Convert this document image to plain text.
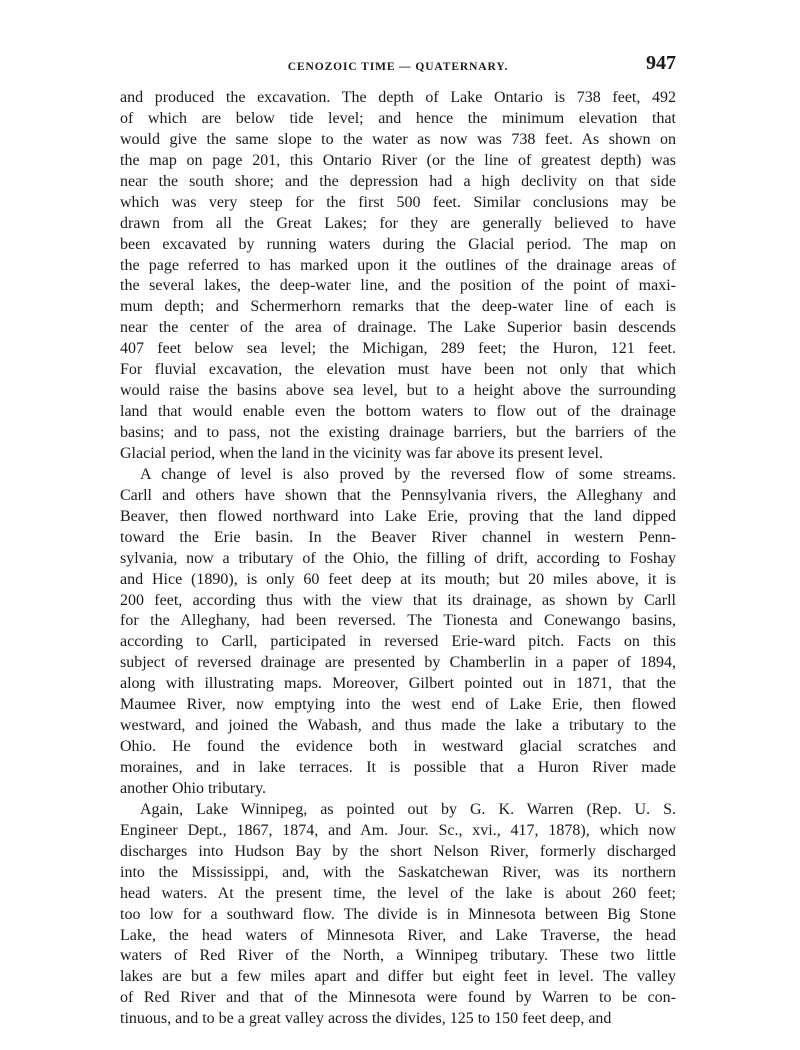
CENOZOIC TIME — QUATERNARY.	947
and produced the excavation. The depth of Lake Ontario is 738 feet, 492
of which are below tide level; and hence the minimum elevation that
would give the same slope to the water as now was 738 feet. As shown on
the map on page 201, this Ontario River (or the line of greatest depth) was
near the south shore; and the depression had a high declivity on that side
which was very steep for the first 500 feet. Similar conclusions may be
drawn from all the Great Lakes; for they are generally believed to have
been excavated by running waters during the Glacial period. The map on
the page referred to has marked upon it the outlines of the drainage areas of
the several lakes, the deep-water line, and the position of the point of maxi-
mum depth; and Schermerhorn remarks that the deep-water line of each is
near the center of the area of drainage. The Lake Superior basin descends
407 feet below sea level; the Michigan, 289 feet; the Huron, 121 feet.
For fluvial excavation, the elevation must have been not only that which
would raise the basins above sea level, but to a height above the surrounding
land that would enable even the bottom waters to flow out of the drainage
basins; and to pass, not the existing drainage barriers, but the barriers of the
Glacial period, when the land in the vicinity was far above its present level.
A change of level is also proved by the reversed flow of some streams.
Carll and others have shown that the Pennsylvania rivers, the Alleghany and
Beaver, then flowed northward into Lake Erie, proving that the land dipped
toward the Erie basin. In the Beaver River channel in western Penn-
sylvania, now a tributary of the Ohio, the filling of drift, according to Foshay
and Hice (1890), is only 60 feet deep at its mouth; but 20 miles above, it is
200 feet, according thus with the view that its drainage, as shown by Carll
for the Alleghany, had been reversed. The Tionesta and Conewango basins,
according to Carll, participated in reversed Erie-ward pitch. Facts on this
subject of reversed drainage are presented by Chamberlin in a paper of 1894,
along with illustrating maps. Moreover, Gilbert pointed out in 1871, that the
Maumee River, now emptying into the west end of Lake Erie, then flowed
westward, and joined the Wabash, and thus made the lake a tributary to the
Ohio. He found the evidence both in westward glacial scratches and
moraines, and in lake terraces. It is possible that a Huron River made
another Ohio tributary.
Again, Lake Winnipeg, as pointed out by G. K. Warren (Rep. U. S.
Engineer Dept., 1867, 1874, and Am. Jour. Sc., xvi., 417, 1878), which now
discharges into Hudson Bay by the short Nelson River, formerly discharged
into the Mississippi, and, with the Saskatchewan River, was its northern
head waters. At the present time, the level of the lake is about 260 feet;
too low for a southward flow. The divide is in Minnesota between Big Stone
Lake, the head waters of Minnesota River, and Lake Traverse, the head
waters of Red River of the North, a Winnipeg tributary. These two little
lakes are but a few miles apart and differ but eight feet in level. The valley
of Red River and that of the Minnesota were found by Warren to be con-
tinuous, and to be a great valley across the divides, 125 to 150 feet deep, and
